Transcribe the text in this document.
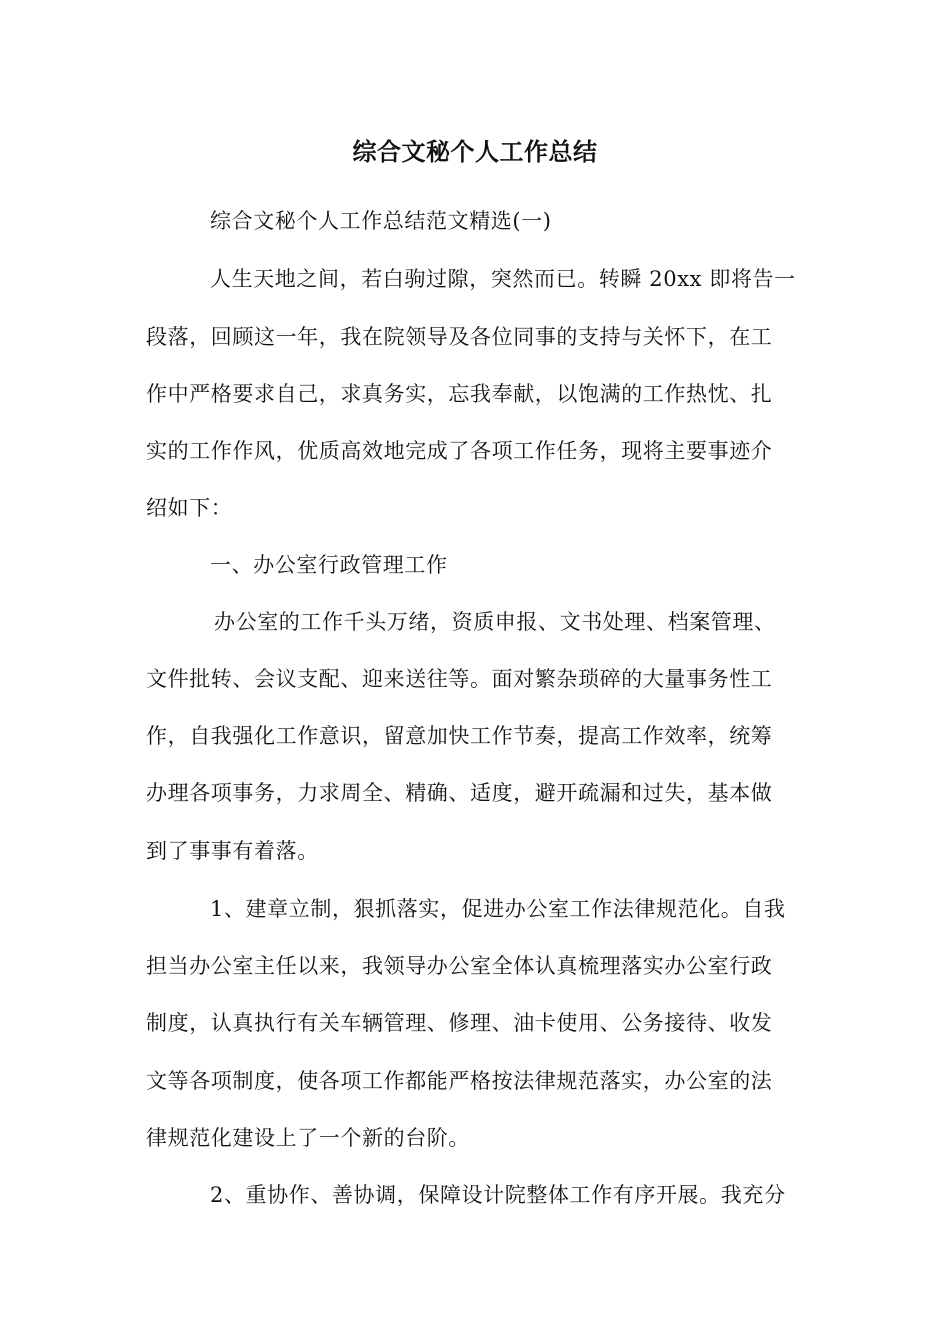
综合文秘个人工作总结
综合文秘个人工作总结范文精选(一)
人生天地之间，若白驹过隙，突然而已。转瞬 20xx 即将告一
段落，回顾这一年，我在院领导及各位同事的支持与关怀下，在工
作中严格要求自己，求真务实，忘我奉献，以饱满的工作热忱、扎
实的工作作风，优质高效地完成了各项工作任务，现将主要事迹介
绍如下：
一、办公室行政管理工作
办公室的工作千头万绪，资质申报、文书处理、档案管理、
文件批转、会议支配、迎来送往等。面对繁杂琐碎的大量事务性工
作，自我强化工作意识，留意加快工作节奏，提高工作效率，统筹
办理各项事务，力求周全、精确、适度，避开疏漏和过失，基本做
到了事事有着落。
1、建章立制，狠抓落实，促进办公室工作法律规范化。自我
担当办公室主任以来，我领导办公室全体认真梳理落实办公室行政
制度，认真执行有关车辆管理、修理、油卡使用、公务接待、收发
文等各项制度，使各项工作都能严格按法律规范落实，办公室的法
律规范化建设上了一个新的台阶。
2、重协作、善协调，保障设计院整体工作有序开展。我充分
